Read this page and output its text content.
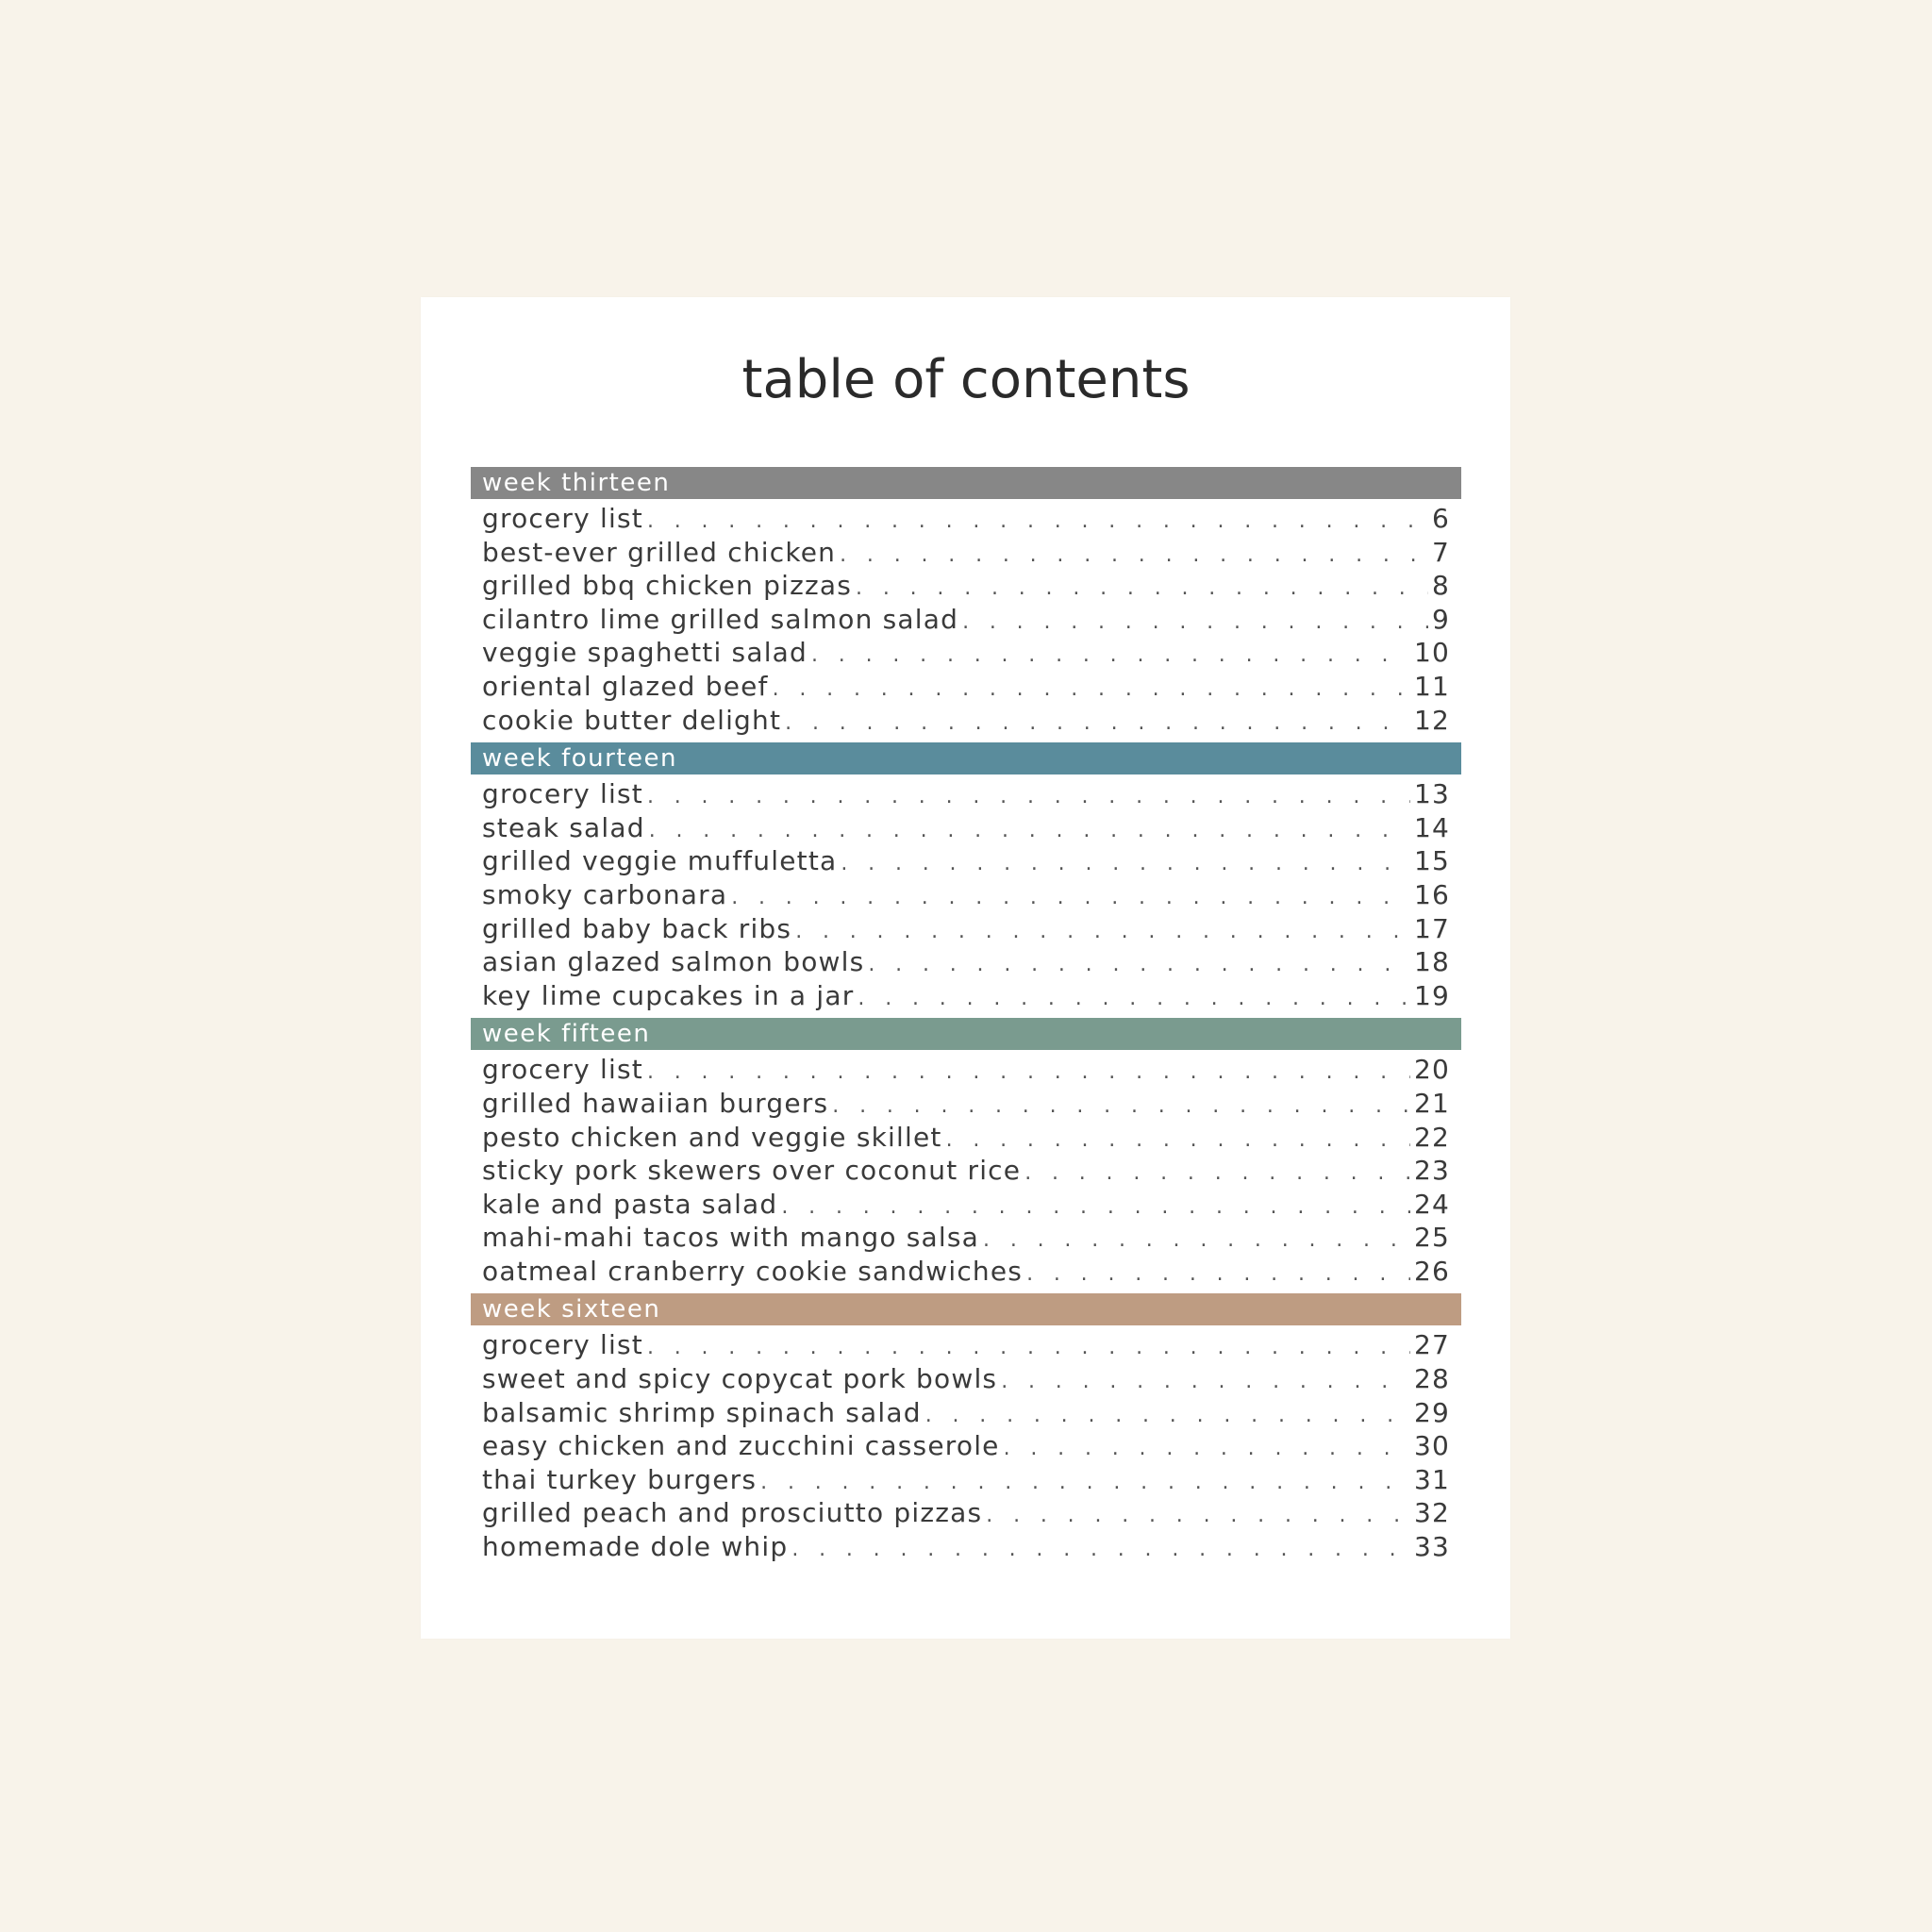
table of contents
week thirteen
grocery list . . .	6
best-ever grilled chicken . . .	7
grilled bbq chicken pizzas . . .	8
cilantro lime grilled salmon salad . . .	9
veggie spaghetti salad . . .	10
oriental glazed beef . . .	11
cookie butter delight . . .	12
week fourteen
grocery list . . .	13
steak salad . . .	14
grilled veggie muffuletta . . .	15
smoky carbonara . . .	16
grilled baby back ribs . . .	17
asian glazed salmon bowls . . .	18
key lime cupcakes in a jar . . .	19
week fifteen
grocery list . . .	20
grilled hawaiian burgers . . .	21
pesto chicken and veggie skillet . . .	22
sticky pork skewers over coconut rice . . .	23
kale and pasta salad . . .	24
mahi-mahi tacos with mango salsa . . .	25
oatmeal cranberry cookie sandwiches . . .	26
week sixteen
grocery list . . .	27
sweet and spicy copycat pork bowls . . .	28
balsamic shrimp spinach salad . . .	29
easy chicken and zucchini casserole . . .	30
thai turkey burgers . . .	31
grilled peach and prosciutto pizzas . . .	32
homemade dole whip . . .	33
